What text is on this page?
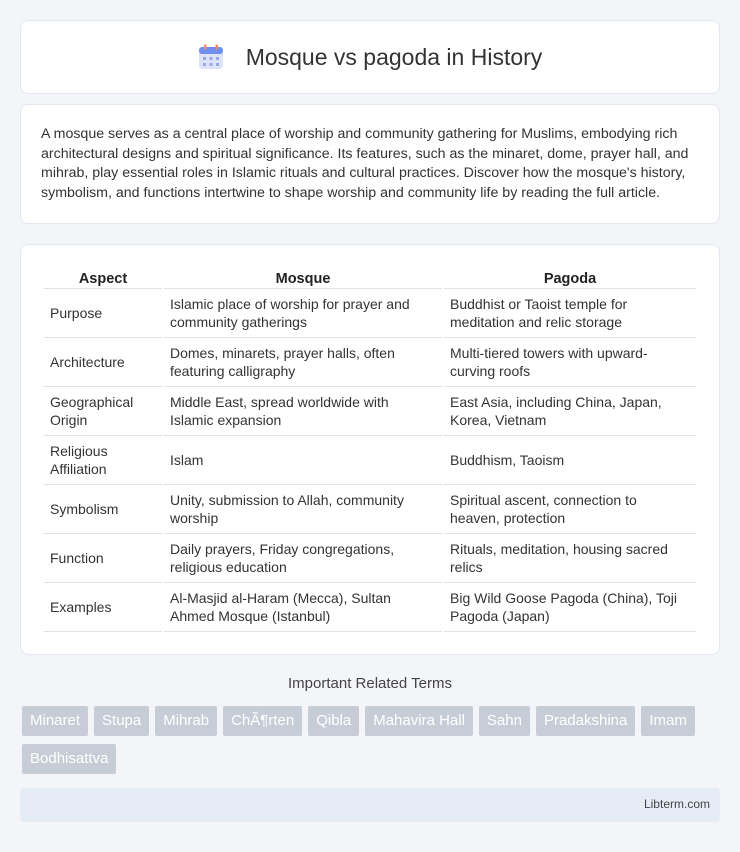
Mosque vs pagoda in History

A mosque serves as a central place of worship and community gathering for Muslims, embodying rich architectural designs and spiritual significance. Its features, such as the minaret, dome, prayer hall, and mihrab, play essential roles in Islamic rituals and cultural practices. Discover how the mosque's history, symbolism, and functions intertwine to shape worship and community life by reading the full article.

Aspect	Mosque	Pagoda
Purpose	Islamic place of worship for prayer and community gatherings	Buddhist or Taoist temple for meditation and relic storage
Architecture	Domes, minarets, prayer halls, often featuring calligraphy	Multi-tiered towers with upward-curving roofs
Geographical Origin	Middle East, spread worldwide with Islamic expansion	East Asia, including China, Japan, Korea, Vietnam
Religious Affiliation	Islam	Buddhism, Taoism
Symbolism	Unity, submission to Allah, community worship	Spiritual ascent, connection to heaven, protection
Function	Daily prayers, Friday congregations, religious education	Rituals, meditation, housing sacred relics
Examples	Al-Masjid al-Haram (Mecca), Sultan Ahmed Mosque (Istanbul)	Big Wild Goose Pagoda (China), Toji Pagoda (Japan)
Important Related Terms
Minaret	Stupa	Mihrab	ChÃ¶rten	Qibla	Mahavira Hall	Sahn	Pradakshina	Imam
Bodhisattva
Libterm.com
